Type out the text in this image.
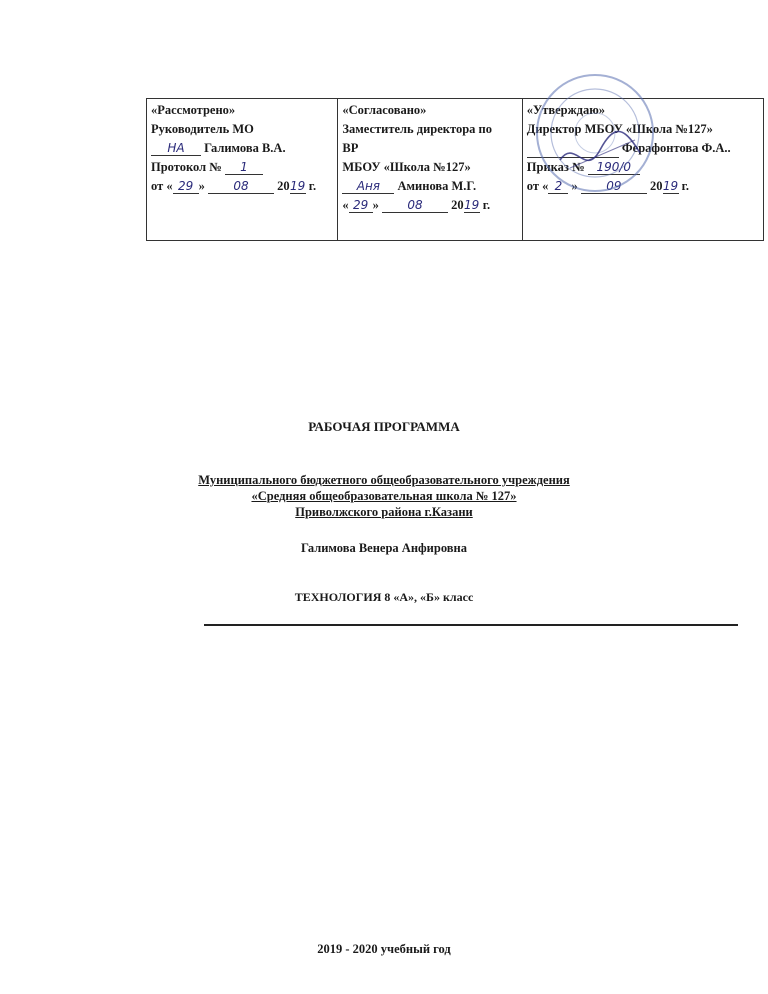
«Рассмотрено»
Руководитель МО
НА Галимова В.А.
Протокол № 1
от « 29 » 08 2019 г.
«Согласовано»
Заместитель директора по
ВР
МБОУ «Школа №127»
Аня Аминова М.Г.
« 29 » 08 2019 г.
«Утверждаю»
Директор МБОУ «Школа №127»
Ферафонтова Ф.А..
Приказ № 190/0
от « 2 » 09 2019 г.
РАБОЧАЯ ПРОГРАММА
Муниципального бюджетного общеобразовательного учреждения
«Средняя общеобразовательная школа № 127»
Приволжского района г.Казани
Галимова Венера Анфировна
ТЕХНОЛОГИЯ 8 «А», «Б» класс
2019 - 2020 учебный год
